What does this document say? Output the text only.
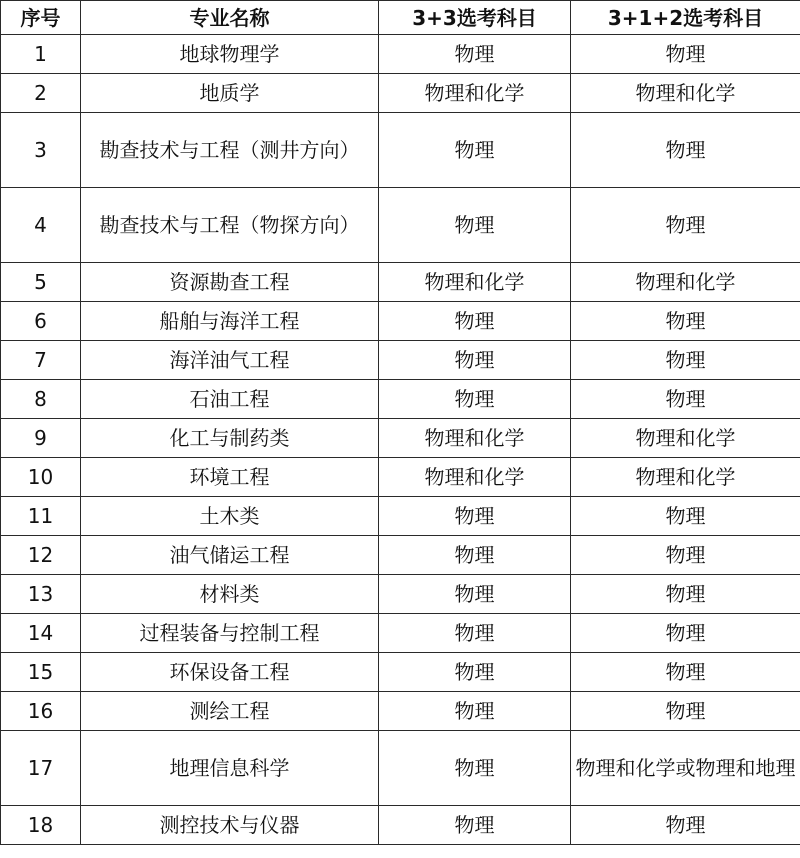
序号	专业名称	3+3选考科目	3+1+2选考科目
1	地球物理学	物理	物理
2	地质学	物理和化学	物理和化学
3	勘查技术与工程（测井方向）	物理	物理
4	勘查技术与工程（物探方向）	物理	物理
5	资源勘查工程	物理和化学	物理和化学
6	船舶与海洋工程	物理	物理
7	海洋油气工程	物理	物理
8	石油工程	物理	物理
9	化工与制药类	物理和化学	物理和化学
10	环境工程	物理和化学	物理和化学
11	土木类	物理	物理
12	油气储运工程	物理	物理
13	材料类	物理	物理
14	过程装备与控制工程	物理	物理
15	环保设备工程	物理	物理
16	测绘工程	物理	物理
17	地理信息科学	物理	物理和化学或物理和地理
18	测控技术与仪器	物理	物理
